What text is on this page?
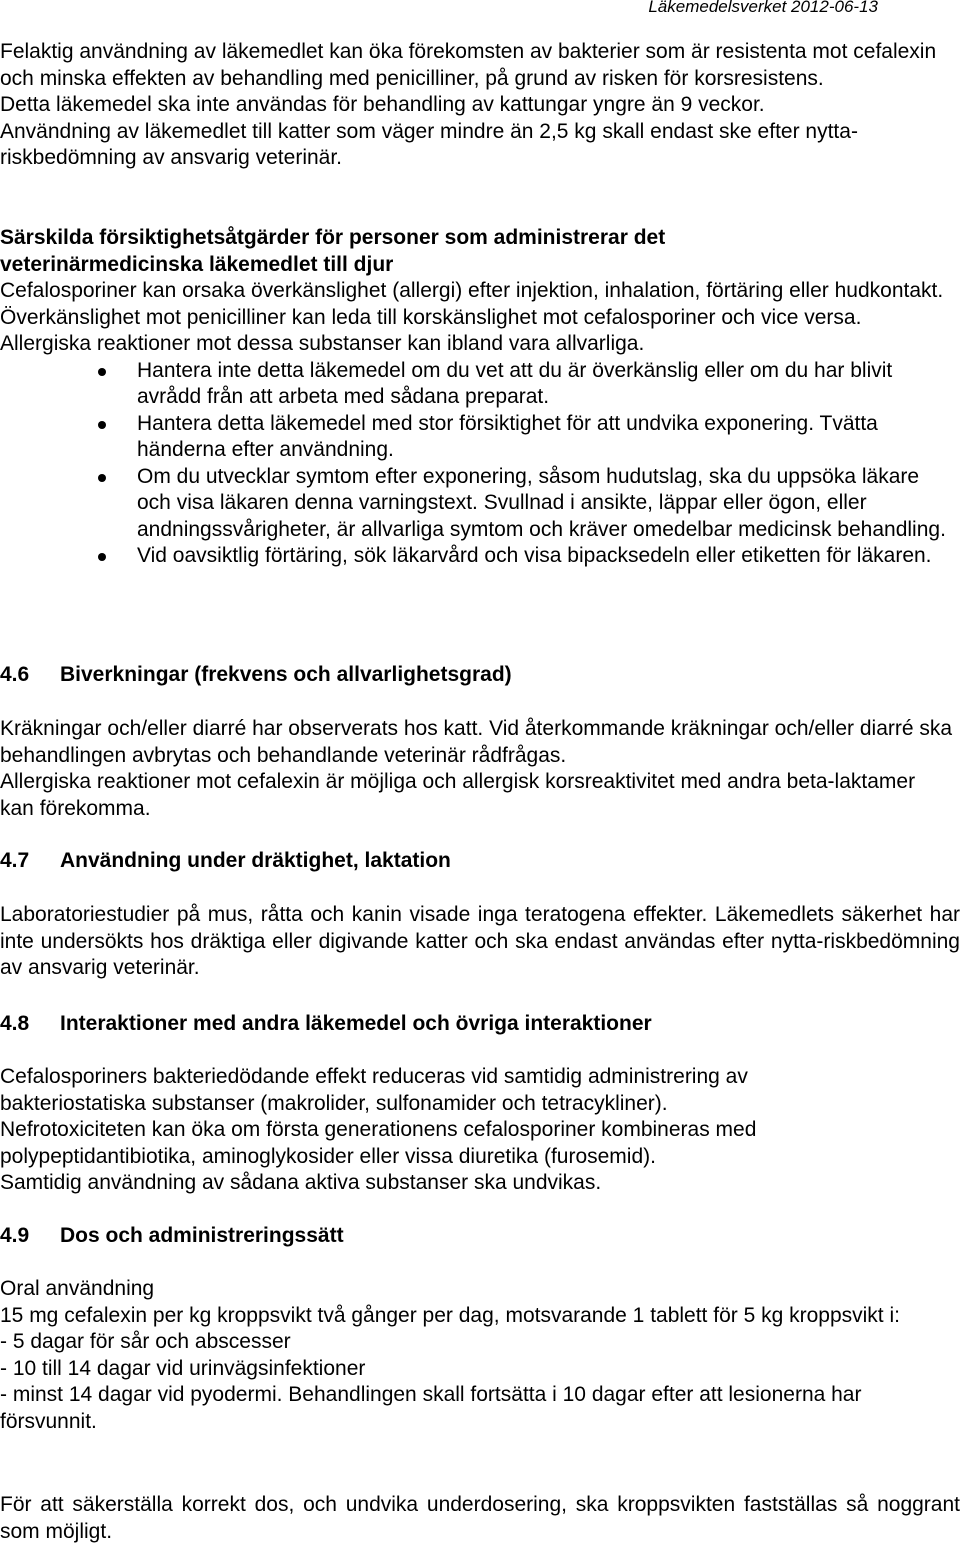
Läkemedelsverket 2012-06-13

Felaktig användning av läkemedlet kan öka förekomsten av bakterier som är resistenta mot cefalexin och minska effekten av behandling med penicilliner, på grund av risken för korsresistens.

Detta läkemedel ska inte användas för behandling av kattungar yngre än 9 veckor.

Användning av läkemedlet till katter som väger mindre än 2,5 kg skall endast ske efter nytta-riskbedömning av ansvarig veterinär.

Särskilda försiktighetsåtgärder för personer som administrerar det veterinärmedicinska läkemedlet till djur

Cefalosporiner kan orsaka överkänslighet (allergi) efter injektion, inhalation, förtäring eller hudkontakt. Överkänslighet mot penicilliner kan leda till korskänslighet mot cefalosporiner och vice versa. Allergiska reaktioner mot dessa substanser kan ibland vara allvarliga.

Hantera inte detta läkemedel om du vet att du är överkänslig eller om du har blivit avrådd från att arbeta med sådana preparat.
Hantera detta läkemedel med stor försiktighet för att undvika exponering. Tvätta händerna efter användning.
Om du utvecklar symtom efter exponering, såsom hudutslag, ska du uppsöka läkare och visa läkaren denna varningstext. Svullnad i ansikte, läppar eller ögon, eller andningssvårigheter, är allvarliga symtom och kräver omedelbar medicinsk behandling.
Vid oavsiktlig förtäring, sök läkarvård och visa bipacksedeln eller etiketten för läkaren.
4.6 Biverkningar (frekvens och allvarlighetsgrad)

Kräkningar och/eller diarré har observerats hos katt. Vid återkommande kräkningar och/eller diarré ska behandlingen avbrytas och behandlande veterinär rådfrågas.

Allergiska reaktioner mot cefalexin är möjliga och allergisk korsreaktivitet med andra beta-laktamer kan förekomma.

4.7 Användning under dräktighet, laktation

Laboratoriestudier på mus, råtta och kanin visade inga teratogena effekter. Läkemedlets säkerhet har inte undersökts hos dräktiga eller digivande katter och ska endast användas efter nytta-riskbedömning av ansvarig veterinär.

4.8 Interaktioner med andra läkemedel och övriga interaktioner

Cefalosporiners bakteriedödande effekt reduceras vid samtidig administrering av bakteriostatiska substanser (makrolider, sulfonamider och tetracykliner).

Nefrotoxiciteten kan öka om första generationens cefalosporiner kombineras med polypeptidantibiotika, aminoglykosider eller vissa diuretika (furosemid).

Samtidig användning av sådana aktiva substanser ska undvikas.

4.9 Dos och administreringssätt

Oral användning

15 mg cefalexin per kg kroppsvikt två gånger per dag, motsvarande 1 tablett för 5 kg kroppsvikt i:

- 5 dagar för sår och abscesser

- 10 till 14 dagar vid urinvägsinfektioner

- minst 14 dagar vid pyodermi. Behandlingen skall fortsätta i 10 dagar efter att lesionerna har försvunnit.

För att säkerställa korrekt dos, och undvika underdosering, ska kroppsvikten fastställas så noggrant som möjligt.
